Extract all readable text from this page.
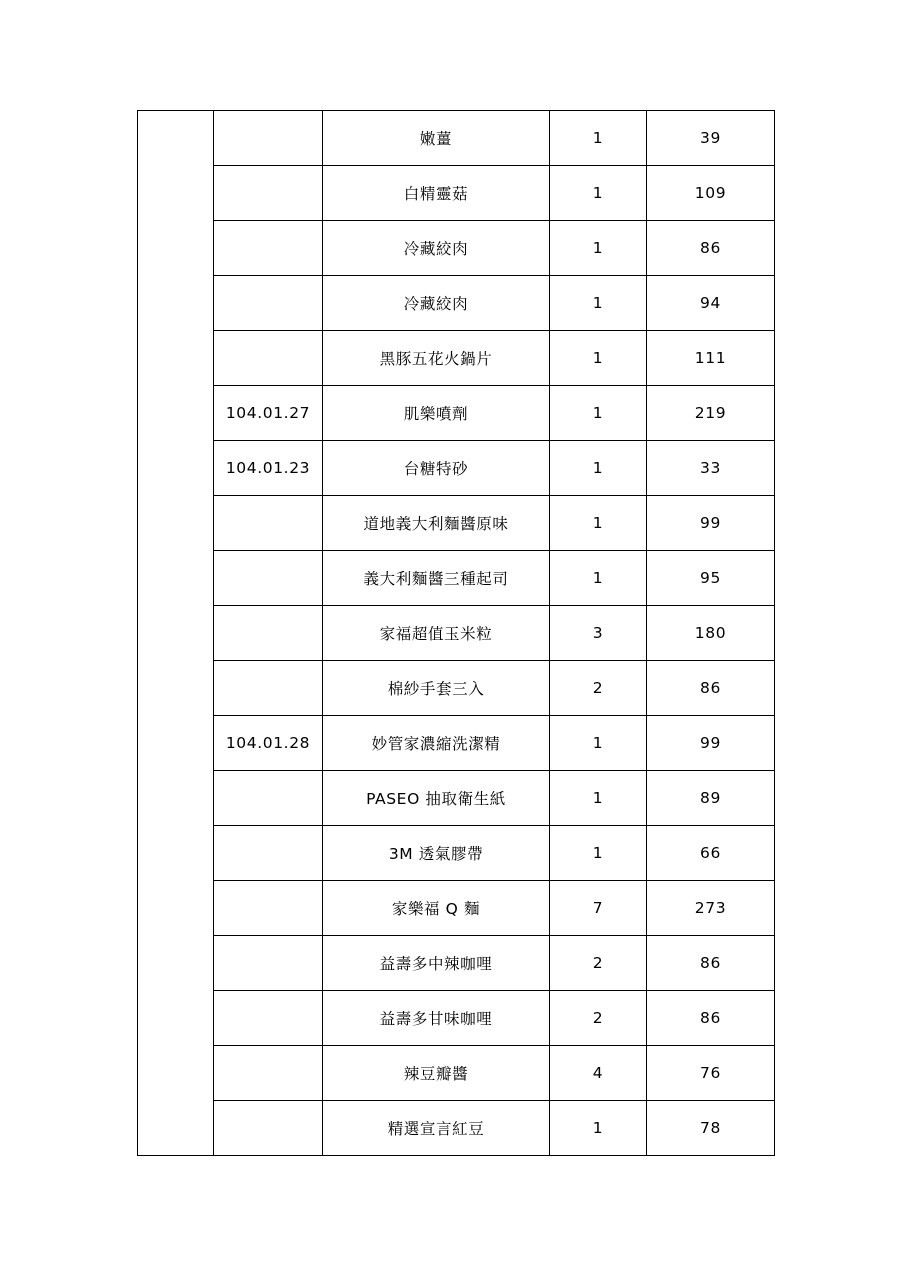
		嫩薑	1	39
		白精靈菇	1	109
		冷藏絞肉	1	86
		冷藏絞肉	1	94
		黑豚五花火鍋片	1	111
	104.01.27	肌樂噴劑	1	219
	104.01.23	台糖特砂	1	33
		道地義大利麵醬原味	1	99
		義大利麵醬三種起司	1	95
		家福超值玉米粒	3	180
		棉紗手套三入	2	86
	104.01.28	妙管家濃縮洗潔精	1	99
		PASEO 抽取衛生紙	1	89
		3M 透氣膠帶	1	66
		家樂福 Q 麵	7	273
		益壽多中辣咖哩	2	86
		益壽多甘味咖哩	2	86
		辣豆瓣醬	4	76
		精選宣言紅豆	1	78
